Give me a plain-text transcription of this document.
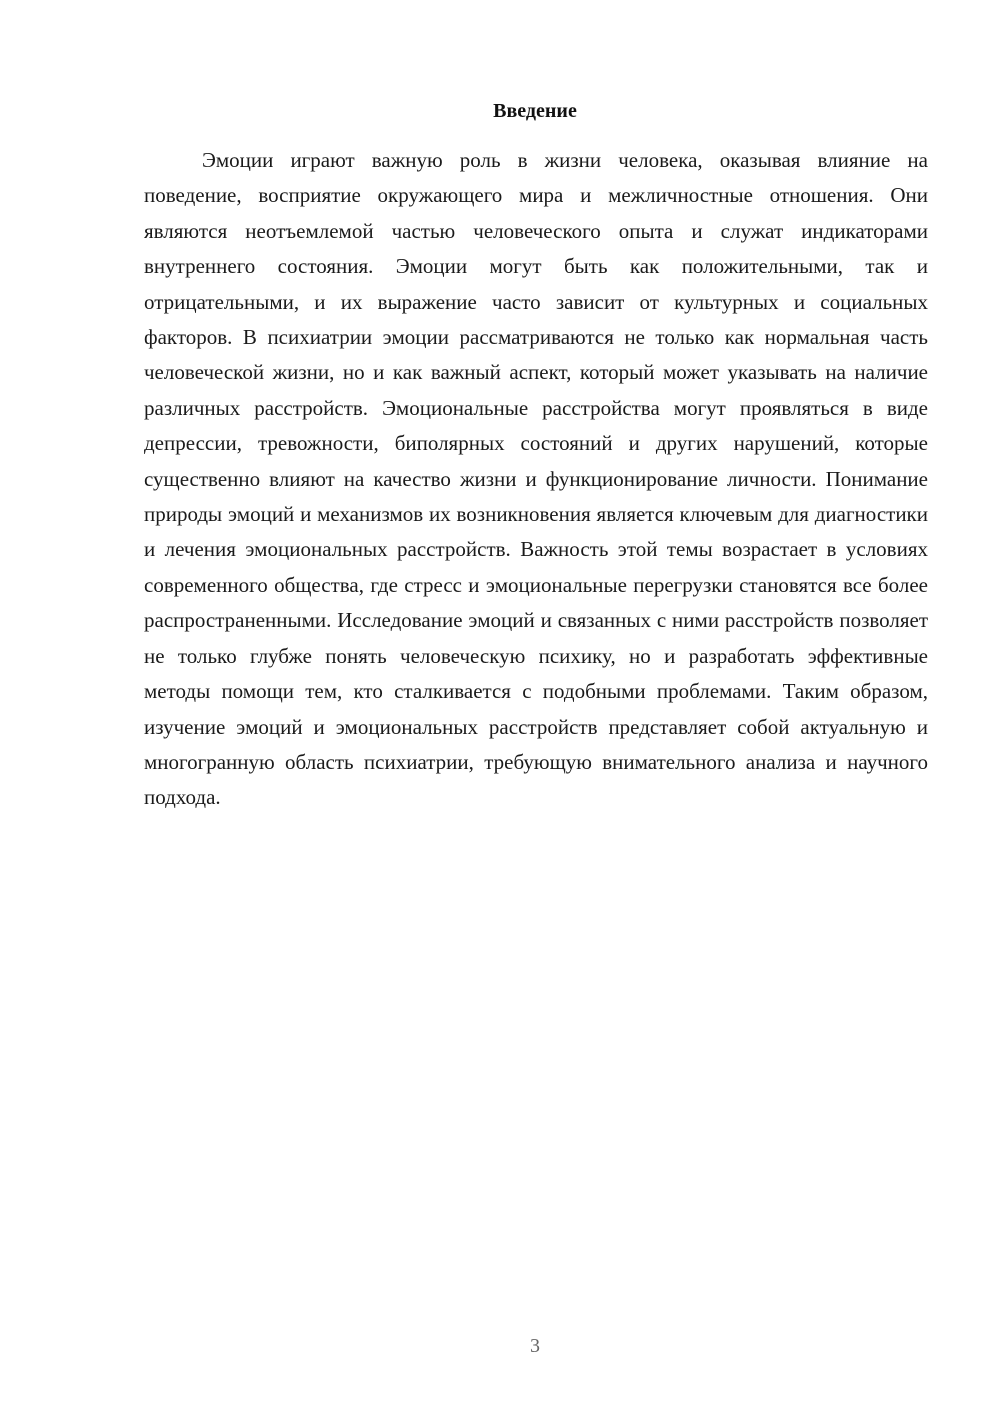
Введение

Эмоции играют важную роль в жизни человека, оказывая влияние на поведение, восприятие окружающего мира и межличностные отношения. Они являются неотъемлемой частью человеческого опыта и служат индикаторами внутреннего состояния. Эмоции могут быть как положительными, так и отрицательными, и их выражение часто зависит от культурных и социальных факторов. В психиатрии эмоции рассматриваются не только как нормальная часть человеческой жизни, но и как важный аспект, который может указывать на наличие различных расстройств. Эмоциональные расстройства могут проявляться в виде депрессии, тревожности, биполярных состояний и других нарушений, которые существенно влияют на качество жизни и функционирование личности. Понимание природы эмоций и механизмов их возникновения является ключевым для диагностики и лечения эмоциональных расстройств. Важность этой темы возрастает в условиях современного общества, где стресс и эмоциональные перегрузки становятся все более распространенными. Исследование эмоций и связанных с ними расстройств позволяет не только глубже понять человеческую психику, но и разработать эффективные методы помощи тем, кто сталкивается с подобными проблемами. Таким образом, изучение эмоций и эмоциональных расстройств представляет собой актуальную и многогранную область психиатрии, требующую внимательного анализа и научного подхода.

3
